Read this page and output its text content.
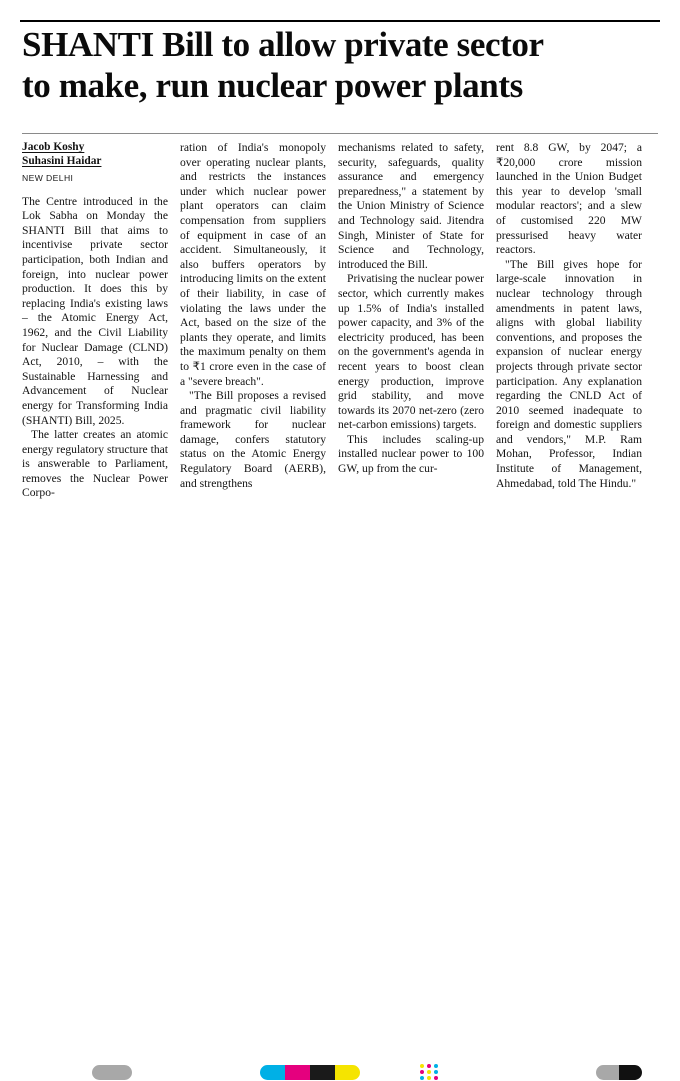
SHANTI Bill to allow private sector
to make, run nuclear power plants
Jacob Koshy
Suhasini Haidar
NEW DELHI

The Centre introduced in the Lok Sabha on Monday the SHANTI Bill that aims to incentivise private sector participation, both Indian and foreign, into nuclear power production. It does this by replacing India's existing laws – the Atomic Energy Act, 1962, and the Civil Liability for Nuclear Damage (CLND) Act, 2010, – with the Sustainable Harnessing and Advancement of Nuclear energy for Transforming India (SHANTI) Bill, 2025.

The latter creates an atomic energy regulatory structure that is answerable to Parliament, removes the Nuclear Power Corpo-

ration of India's monopoly over operating nuclear plants, and restricts the instances under which nuclear power plant operators can claim compensation from suppliers of equipment in case of an accident. Simultaneously, it also buffers operators by introducing limits on the extent of their liability, in case of violating the laws under the Act, based on the size of the plants they operate, and limits the maximum penalty on them to ₹1 crore even in the case of a "severe breach".

"The Bill proposes a revised and pragmatic civil liability framework for nuclear damage, confers statutory status on the Atomic Energy Regulatory Board (AERB), and strengthens

mechanisms related to safety, security, safeguards, quality assurance and emergency preparedness," a statement by the Union Ministry of Science and Technology said. Jitendra Singh, Minister of State for Science and Technology, introduced the Bill.

Privatising the nuclear power sector, which currently makes up 1.5% of India's installed power capacity, and 3% of the electricity produced, has been on the government's agenda in recent years to boost clean energy production, improve grid stability, and move towards its 2070 net-zero (zero net-carbon emissions) targets.

This includes scaling-up installed nuclear power to 100 GW, up from the cur-

rent 8.8 GW, by 2047; a ₹20,000 crore mission launched in the Union Budget this year to develop 'small modular reactors'; and a slew of customised 220 MW pressurised heavy water reactors.

"The Bill gives hope for large-scale innovation in nuclear technology through amendments in patent laws, aligns with global liability conventions, and proposes the expansion of nuclear energy projects through private sector participation. Any explanation regarding the CNLD Act of 2010 seemed inadequate to foreign and domestic suppliers and vendors," M.P. Ram Mohan, Professor, Indian Institute of Management, Ahmedabad, told The Hindu."
